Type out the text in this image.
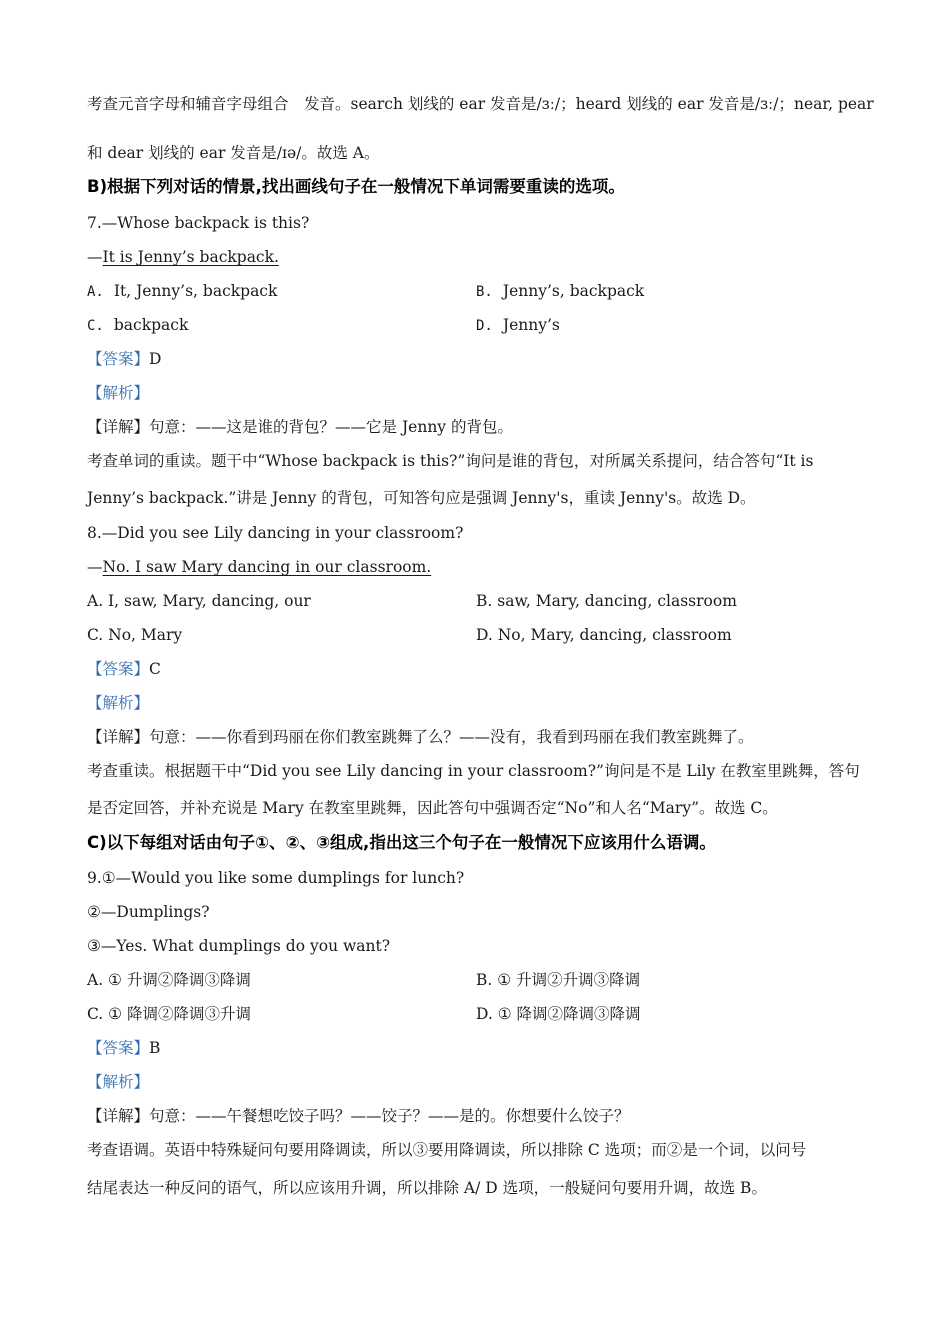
考查元音字母和辅音字母组合　发音。search 划线的 ear 发音是/ɜː/；heard 划线的 ear 发音是/ɜː/；near, pear
和 dear 划线的 ear 发音是/ɪə/。故选 A。
B)根据下列对话的情景,找出画线句子在一般情况下单词需要重读的选项。
7.—Whose backpack is this?
—It is Jenny’s backpack.
A. It, Jenny’s, backpack	B. Jenny’s, backpack
C. backpack	D. Jenny’s
【答案】D
【解析】
【详解】句意：——这是谁的背包？——它是 Jenny 的背包。
考查单词的重读。题干中“Whose backpack is this?”询问是谁的背包，对所属关系提问，结合答句“It is
Jenny’s backpack.”讲是 Jenny 的背包，可知答句应是强调 Jenny's，重读 Jenny's。故选 D。
8.—Did you see Lily dancing in your classroom?
—No. I saw Mary dancing in our classroom.
A. I, saw, Mary, dancing, our	B. saw, Mary, dancing, classroom
C. No, Mary	D. No, Mary, dancing, classroom
【答案】C
【解析】
【详解】句意：——你看到玛丽在你们教室跳舞了么？——没有，我看到玛丽在我们教室跳舞了。
考查重读。根据题干中“Did you see Lily dancing in your classroom?”询问是不是 Lily 在教室里跳舞，答句
是否定回答，并补充说是 Mary 在教室里跳舞，因此答句中强调否定“No”和人名“Mary”。故选 C。
C)以下每组对话由句子①、②、③组成,指出这三个句子在一般情况下应该用什么语调。
9.①—Would you like some dumplings for lunch?
②—Dumplings?
③—Yes. What dumplings do you want?
A. ① 升调②降调③降调	B. ① 升调②升调③降调
C. ① 降调②降调③升调	D. ① 降调②降调③降调
【答案】B
【解析】
【详解】句意：——午餐想吃饺子吗？——饺子？——是的。你想要什么饺子？
考查语调。英语中特殊疑问句要用降调读，所以③要用降调读，所以排除 C 选项；而②是一个词，以问号
结尾表达一种反问的语气，所以应该用升调，所以排除 A/ D 选项，一般疑问句要用升调，故选 B。
